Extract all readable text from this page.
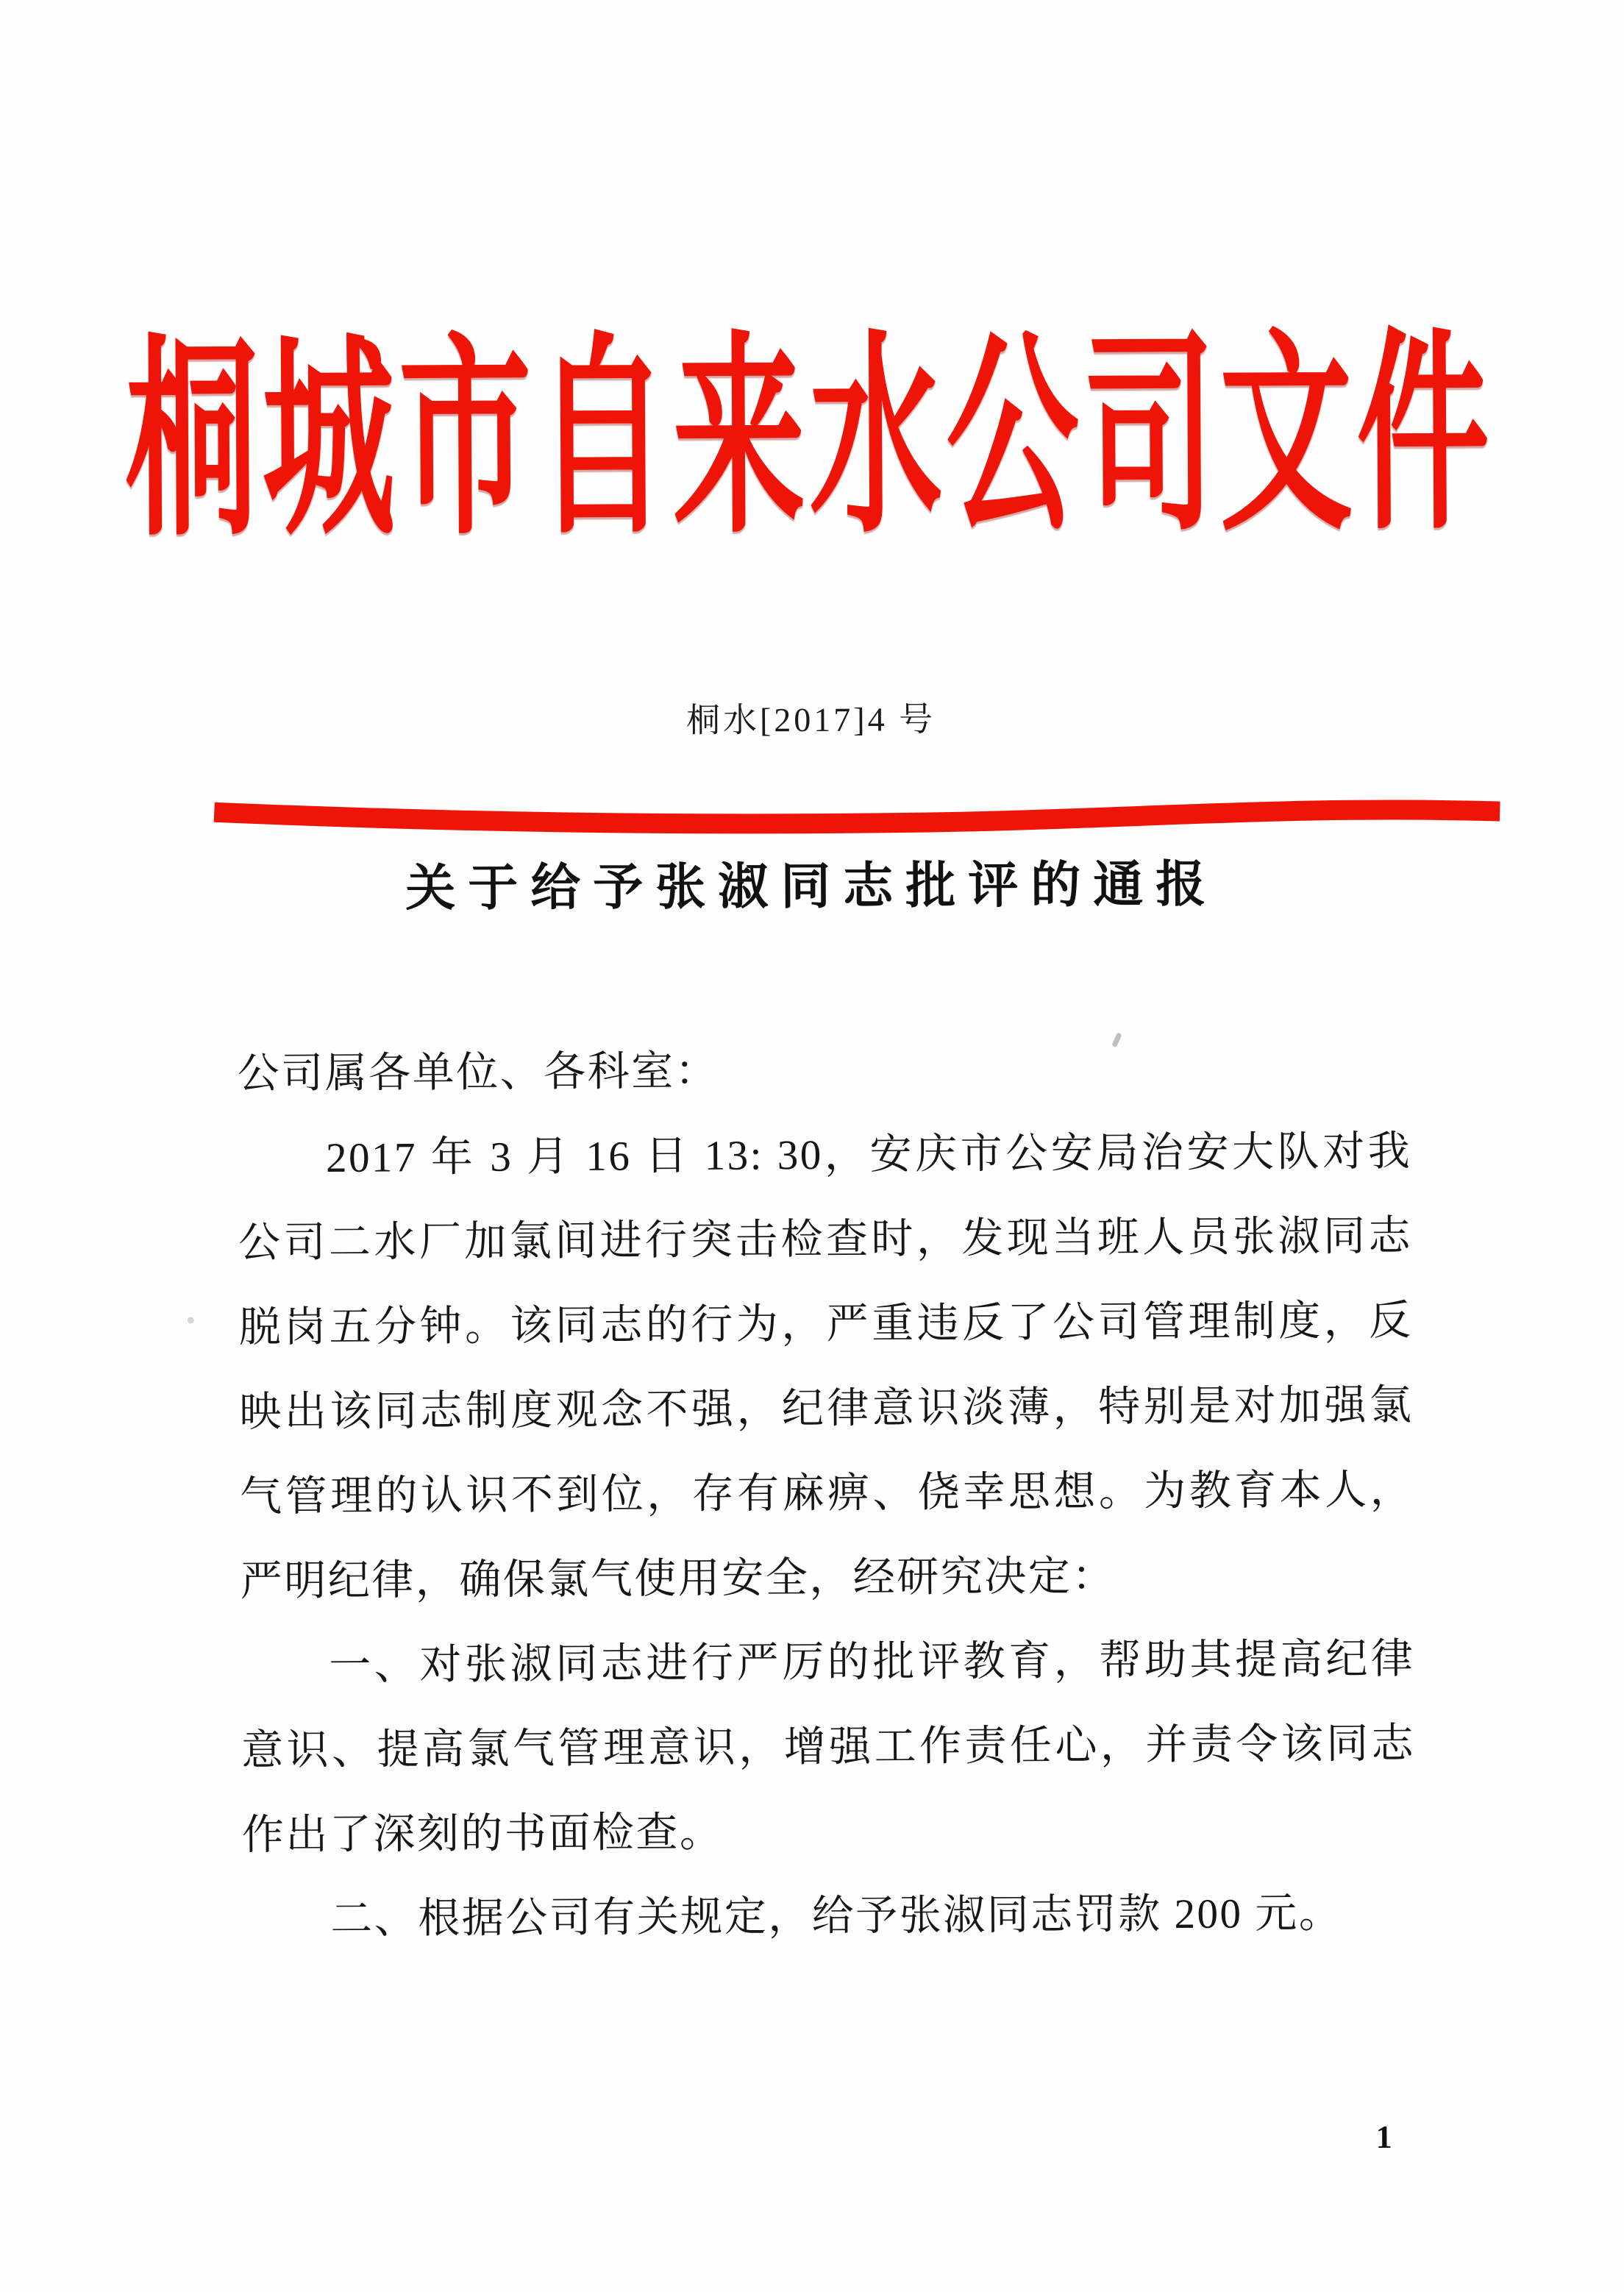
桐城市自来水公司文件
桐水[2017]4 号
关于给予张淑同志批评的通报

公司属各单位、各科室：

2017 年 3 月 16 日 13: 30，安庆市公安局治安大队对我公司二水厂加氯间进行突击检查时，发现当班人员张淑同志脱岗五分钟。该同志的行为，严重违反了公司管理制度，反映出该同志制度观念不强，纪律意识淡薄，特别是对加强氯气管理的认识不到位，存有麻痹、侥幸思想。为教育本人，严明纪律，确保氯气使用安全，经研究决定：

一、对张淑同志进行严厉的批评教育，帮助其提高纪律意识、提高氯气管理意识，增强工作责任心，并责令该同志作出了深刻的书面检查。

二、根据公司有关规定，给予张淑同志罚款 200 元。

1
